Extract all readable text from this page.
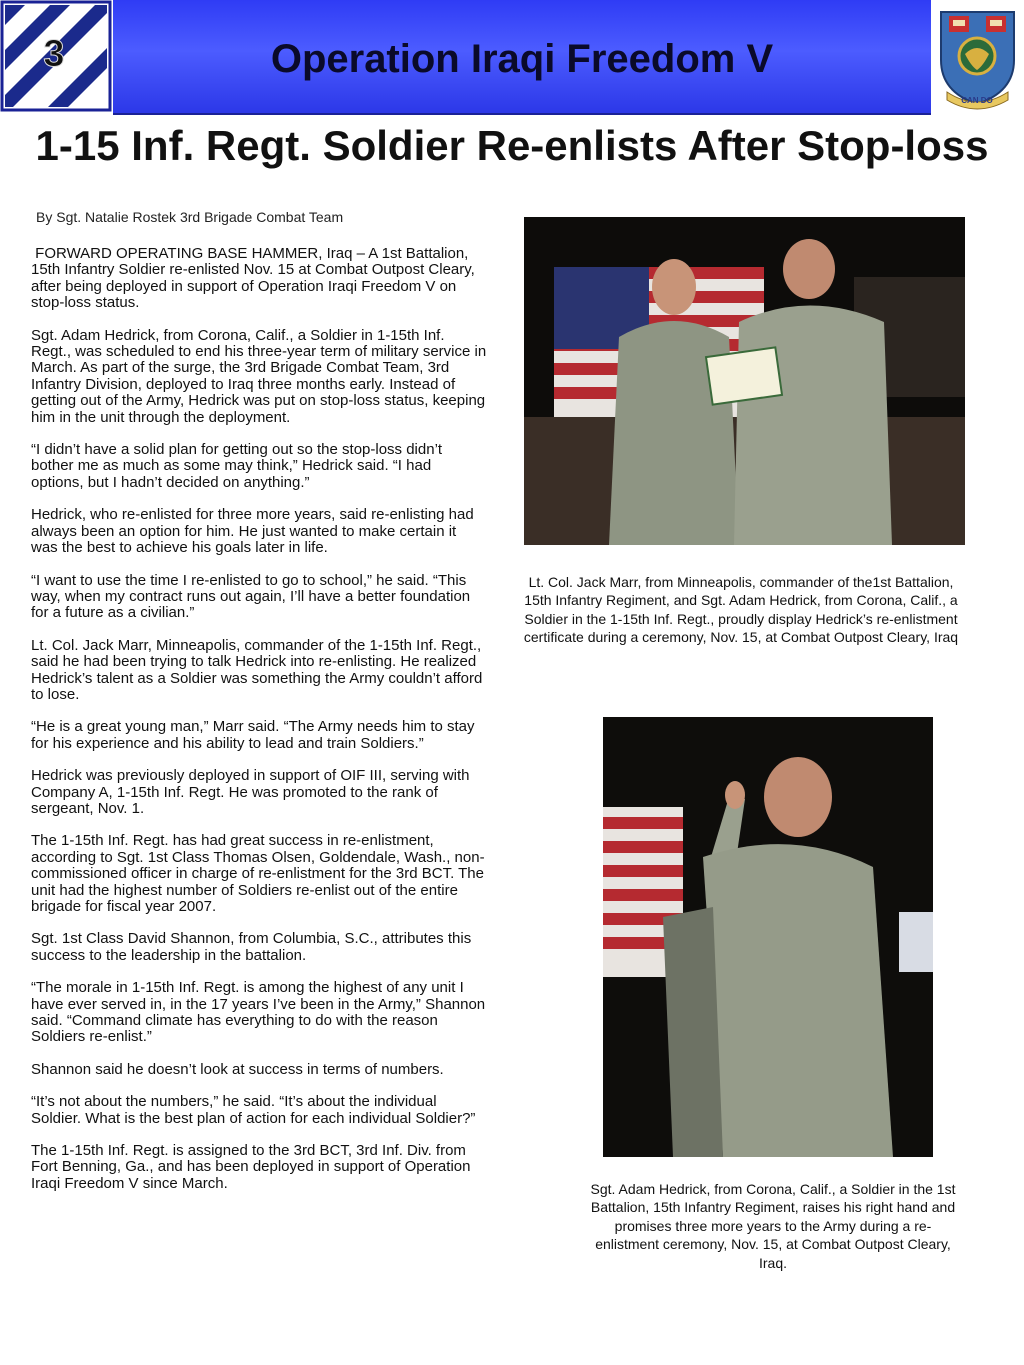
3	Operation Iraqi Freedom V
CAN DO
1-15 Inf. Regt. Soldier Re-enlists After Stop-loss
By Sgt. Natalie Rostek 3rd Brigade Combat Team

FORWARD OPERATING BASE HAMMER, Iraq – A 1st Battalion, 15th Infantry Soldier re-enlisted Nov. 15 at Combat Outpost Cleary, after being deployed in support of Operation Iraqi Freedom V on stop-loss status.

Sgt. Adam Hedrick, from Corona, Calif., a Soldier in 1-15th Inf. Regt., was scheduled to end his three-year term of military service in March. As part of the surge, the 3rd Brigade Combat Team, 3rd Infantry Division, deployed to Iraq three months early. Instead of getting out of the Army, Hedrick was put on stop-loss status, keeping him in the unit through the deployment.

“I didn’t have a solid plan for getting out so the stop-loss didn’t bother me as much as some may think,” Hedrick said. “I had options, but I hadn’t decided on anything.”

Hedrick, who re-enlisted for three more years, said re-enlisting had always been an option for him. He just wanted to make certain it was the best to achieve his goals later in life.

“I want to use the time I re-enlisted to go to school,” he said. “This way, when my contract runs out again, I’ll have a better foundation for a future as a civilian.”

Lt. Col. Jack Marr, Minneapolis, commander of the 1-15th Inf. Regt., said he had been trying to talk Hedrick into re-enlisting. He realized Hedrick’s talent as a Soldier was something the Army couldn’t afford to lose.

“He is a great young man,” Marr said. “The Army needs him to stay for his experience and his ability to lead and train Soldiers.”

Hedrick was previously deployed in support of OIF III, serving with Company A, 1-15th Inf. Regt. He was promoted to the rank of sergeant, Nov. 1.

The 1-15th Inf. Regt. has had great success in re-enlistment, according to Sgt. 1st Class Thomas Olsen, Goldendale, Wash., non-commissioned officer in charge of re-enlistment for the 3rd BCT. The unit had the highest number of Soldiers re-enlist out of the entire brigade for fiscal year 2007.

Sgt. 1st Class David Shannon, from Columbia, S.C., attributes this success to the leadership in the battalion.

“The morale in 1-15th Inf. Regt. is among the highest of any unit I have ever served in, in the 17 years I’ve been in the Army,” Shannon said. “Command climate has everything to do with the reason Soldiers re-enlist.”

Shannon said he doesn’t look at success in terms of numbers.

“It’s not about the numbers,” he said. “It’s about the individual Soldier. What is the best plan of action for each individual Soldier?”

The 1-15th Inf. Regt. is assigned to the 3rd BCT, 3rd Inf. Div. from Fort Benning, Ga., and has been deployed in support of Operation Iraqi Freedom V since March.

Lt. Col. Jack Marr, from Minneapolis, commander of the1st Battalion, 15th Infantry Regiment, and Sgt. Adam Hedrick, from Corona, Calif., a Soldier in the 1-15th Inf. Regt., proudly display Hedrick’s re-enlistment certificate during a ceremony, Nov. 15, at Combat Outpost Cleary, Iraq
Sgt. Adam Hedrick, from Corona, Calif., a Soldier in the 1st Battalion, 15th Infantry Regiment, raises his right hand and promises three more years to the Army during a re-enlistment ceremony, Nov. 15, at Combat Outpost Cleary, Iraq.
